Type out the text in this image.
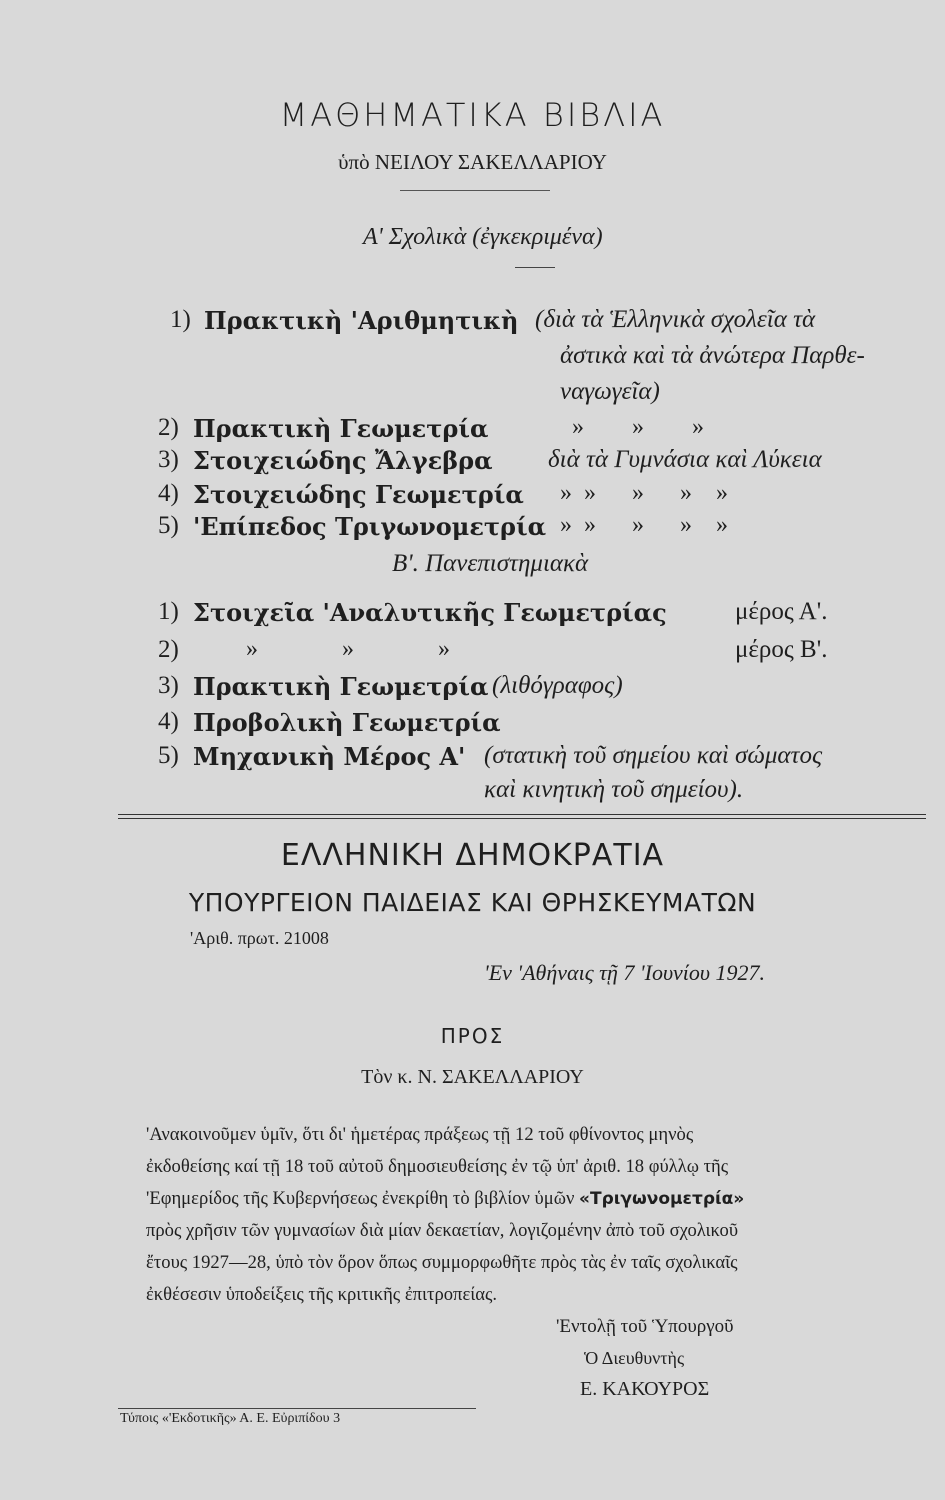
ΜΑΘΗΜΑΤΙΚΑ ΒΙΒΛΙΑ
ὑπὸ ΝΕΙΛΟΥ ΣΑΚΕΛΛΑΡΙΟΥ
Α' Σχολικὰ (ἐγκεκριμένα)
1) Πρακτικὴ 'Αριθμητικὴ (διὰ τὰ Ἑλληνικὰ σχολεῖα τὰ
ἀστικὰ καὶ τὰ ἀνώτερα Παρθε-
ναγωγεῖα)
2) Πρακτικὴ Γεωμετρία	»        »        »
3) Στοιχειώδης Ἄλγεβρα διὰ τὰ Γυμνάσια καὶ Λύκεια
4) Στοιχειώδης Γεωμετρία »  »      »      »    »
5) 'Επίπεδος Τριγωνομετρία »  »      »      »    »
Β'. Πανεπιστημιακὰ
1) Στοιχεῖα 'Αναλυτικῆς Γεωμετρίας	μέρος Α'.
2)	»              »              »	μέρος Β'.
3) Πρακτικὴ Γεωμετρία (λιθόγραφος)
4) Προβολικὴ Γεωμετρία
5) Μηχανικὴ Μέρος Α' (στατικὴ τοῦ σημείου καὶ σώματος
καὶ κινητικὴ τοῦ σημείου).
ΕΛΛΗΝΙΚΗ ΔΗΜΟΚΡΑΤΙΑ
ΥΠΟΥΡΓΕΙΟΝ ΠΑΙΔΕΙΑΣ ΚΑΙ ΘΡΗΣΚΕΥΜΑΤΩΝ
'Αριθ. πρωτ. 21008
'Εν 'Αθήναις τῇ 7 'Ιουνίου 1927.
ΠΡΟΣ
Τὸν κ. Ν. ΣΑΚΕΛΛΑΡΙΟΥ
'Ανακοινοῦμεν ὑμῖν, ὅτι δι' ἡμετέρας πράξεως τῇ 12 τοῦ φθίνοντος μηνὸς
ἐκδοθείσης καί τῇ 18 τοῦ αὐτοῦ δημοσιευθείσης ἐν τῷ ὑπ' ἀριθ. 18 φύλλῳ τῆς
'Εφημερίδος τῆς Κυβερνήσεως ἐνεκρίθη τὸ βιβλίον ὑμῶν «Τριγωνομετρία»
πρὸς χρῆσιν τῶν γυμνασίων διὰ μίαν δεκαετίαν, λογιζομένην ἀπὸ τοῦ σχολικοῦ
ἔτους 1927—28, ὑπὸ τὸν ὅρον ὅπως συμμορφωθῆτε πρὸς τὰς ἐν ταῖς σχολικαῖς
ἐκθέσεσιν ὑποδείξεις τῆς κριτικῆς ἐπιτροπείας.
'Εντολῇ τοῦ Ὑπουργοῦ
Ὁ Διευθυντὴς
Ε. ΚΑΚΟΥΡΟΣ
Τύποις «'Εκδοτικῆς» Α. Ε. Εὐριπίδου 3
